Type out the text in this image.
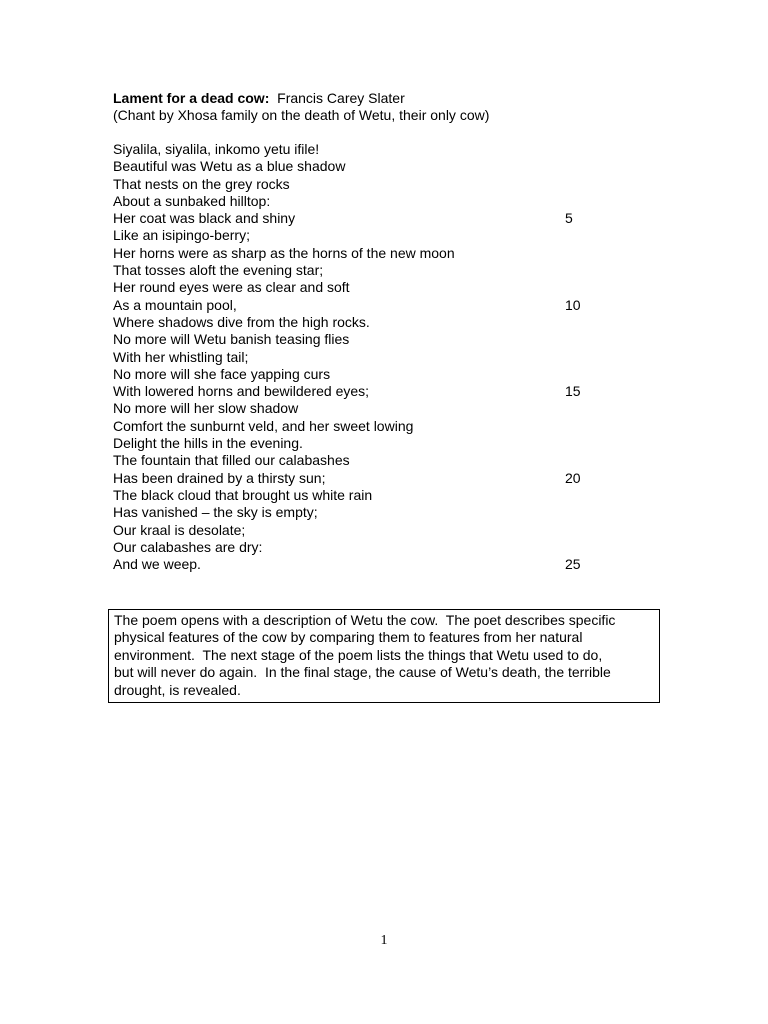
Lament for a dead cow: Francis Carey Slater
(Chant by Xhosa family on the death of Wetu, their only cow)
Siyalila, siyalila, inkomo yetu ifile!
Beautiful was Wetu as a blue shadow
That nests on the grey rocks
About a sunbaked hilltop:
Her coat was black and shiny	5
Like an isipingo-berry;
Her horns were as sharp as the horns of the new moon
That tosses aloft the evening star;
Her round eyes were as clear and soft
As a mountain pool,	10
Where shadows dive from the high rocks.
No more will Wetu banish teasing flies
With her whistling tail;
No more will she face yapping curs
With lowered horns and bewildered eyes;	15
No more will her slow shadow
Comfort the sunburnt veld, and her sweet lowing
Delight the hills in the evening.
The fountain that filled our calabashes
Has been drained by a thirsty sun;	20
The black cloud that brought us white rain
Has vanished – the sky is empty;
Our kraal is desolate;
Our calabashes are dry:
And we weep.	25
The poem opens with a description of Wetu the cow.  The poet describes specific
physical features of the cow by comparing them to features from her natural
environment.  The next stage of the poem lists the things that Wetu used to do,
but will never do again.  In the final stage, the cause of Wetu’s death, the terrible
drought, is revealed.
1
